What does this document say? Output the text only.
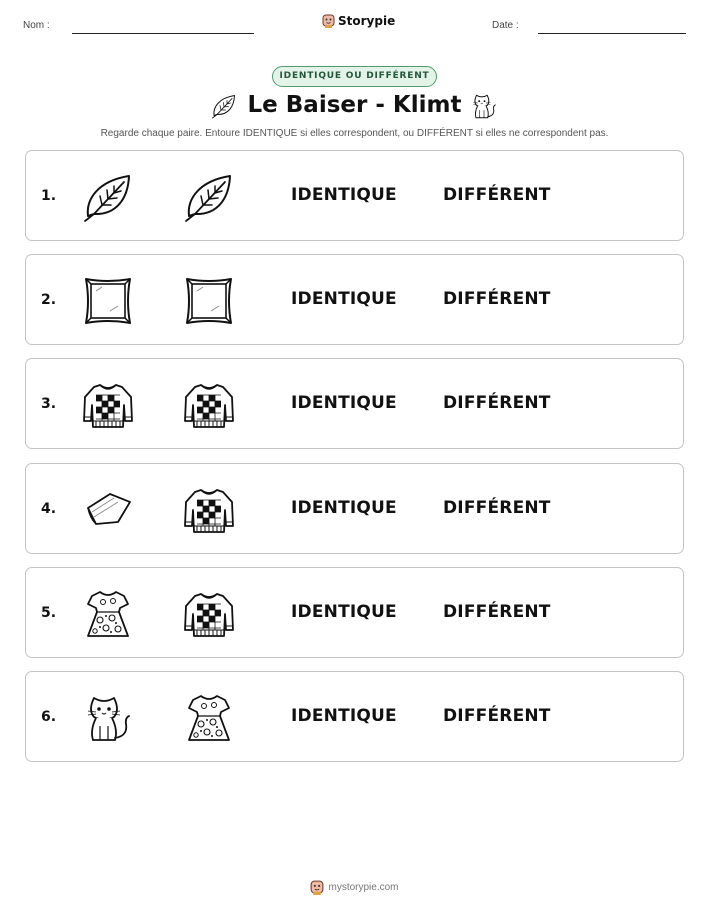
Nom :	Storypie	Date :
IDENTIQUE OU DIFFÉRENT
Le Baiser - Klimt
Regarde chaque paire. Entoure IDENTIQUE si elles correspondent, ou DIFFÉRENT si elles ne correspondent pas.
1.	IDENTIQUE	DIFFÉRENT
2.	IDENTIQUE	DIFFÉRENT
3.	IDENTIQUE	DIFFÉRENT
4.	IDENTIQUE	DIFFÉRENT
5.	IDENTIQUE	DIFFÉRENT
6.	IDENTIQUE	DIFFÉRENT
mystorypie.com
